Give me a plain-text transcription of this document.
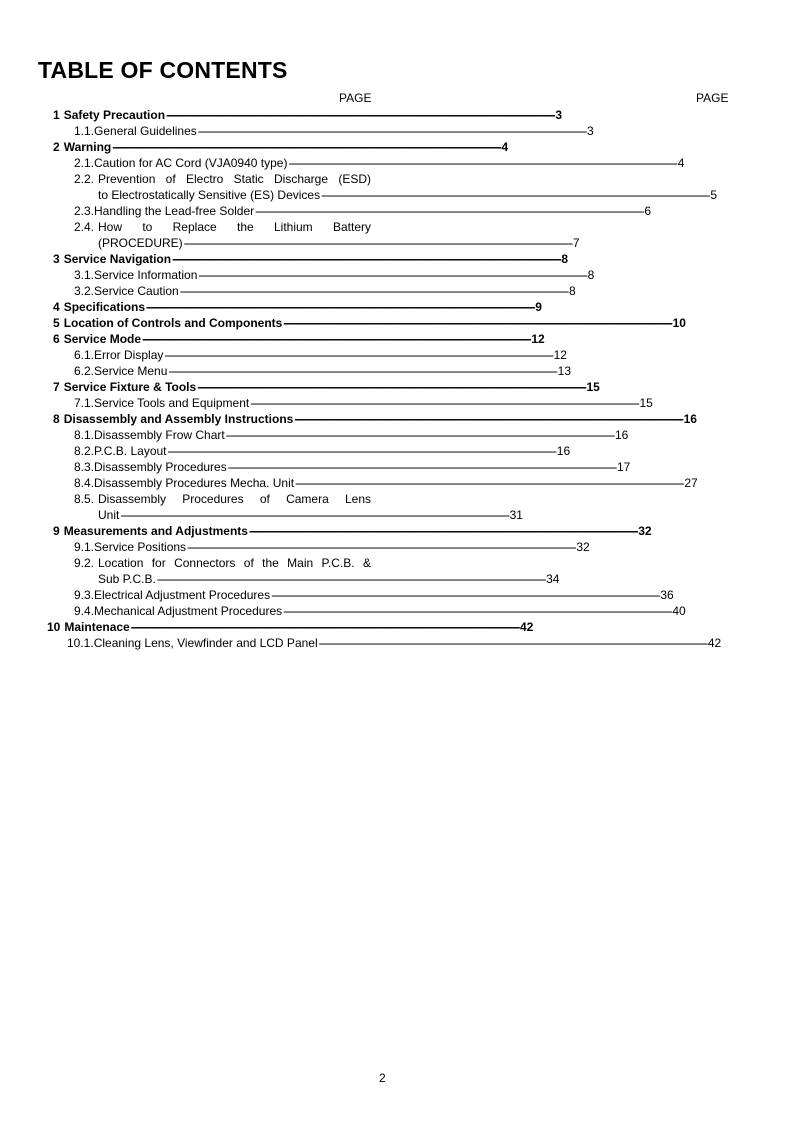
TABLE OF CONTENTS
PAGE	PAGE
1 Safety Precaution ------------------------------------------------------------------------------------------------------------------------------------------------ 3
1.1. General Guidelines ------------------------------------------------------------------------------------------------------------------------------------------------ 3
2 Warning ------------------------------------------------------------------------------------------------------------------------------------------------ 4
2.1. Caution for AC Cord (VJA0940 type) ------------------------------------------------------------------------------------------------------------------------------------------------ 4
2.2. Prevention of Electro Static Discharge (ESD)
to Electrostatically Sensitive (ES) Devices ------------------------------------------------------------------------------------------------------------------------------------------------ 5
2.3. Handling the Lead-free Solder ------------------------------------------------------------------------------------------------------------------------------------------------ 6
2.4. How to Replace the Lithium Battery
(PROCEDURE) ------------------------------------------------------------------------------------------------------------------------------------------------ 7
3 Service Navigation ------------------------------------------------------------------------------------------------------------------------------------------------ 8
3.1. Service Information ------------------------------------------------------------------------------------------------------------------------------------------------ 8
3.2. Service Caution ------------------------------------------------------------------------------------------------------------------------------------------------ 8
4 Specifications ------------------------------------------------------------------------------------------------------------------------------------------------ 9
5 Location of Controls and Components ------------------------------------------------------------------------------------------------------------------------------------------------ 10
6 Service Mode ------------------------------------------------------------------------------------------------------------------------------------------------ 12
6.1. Error Display ------------------------------------------------------------------------------------------------------------------------------------------------ 12
6.2. Service Menu ------------------------------------------------------------------------------------------------------------------------------------------------ 13
7 Service Fixture & Tools ------------------------------------------------------------------------------------------------------------------------------------------------ 15
7.1. Service Tools and Equipment ------------------------------------------------------------------------------------------------------------------------------------------------ 15
8 Disassembly and Assembly Instructions ------------------------------------------------------------------------------------------------------------------------------------------------ 16
8.1. Disassembly Frow Chart ------------------------------------------------------------------------------------------------------------------------------------------------ 16
8.2. P.C.B. Layout ------------------------------------------------------------------------------------------------------------------------------------------------ 16
8.3. Disassembly Procedures ------------------------------------------------------------------------------------------------------------------------------------------------ 17
8.4. Disassembly Procedures Mecha. Unit ------------------------------------------------------------------------------------------------------------------------------------------------ 27
8.5. Disassembly Procedures of Camera Lens
Unit ------------------------------------------------------------------------------------------------------------------------------------------------ 31
9 Measurements and Adjustments ------------------------------------------------------------------------------------------------------------------------------------------------ 32
9.1. Service Positions ------------------------------------------------------------------------------------------------------------------------------------------------ 32
9.2. Location for Connectors of the Main P.C.B. &
Sub P.C.B. ------------------------------------------------------------------------------------------------------------------------------------------------ 34
9.3. Electrical Adjustment Procedures ------------------------------------------------------------------------------------------------------------------------------------------------ 36
9.4. Mechanical Adjustment Procedures ------------------------------------------------------------------------------------------------------------------------------------------------ 40
10 Maintenace ------------------------------------------------------------------------------------------------------------------------------------------------ 42
10.1. Cleaning Lens, Viewfinder and LCD Panel ------------------------------------------------------------------------------------------------------------------------------------------------ 42
2
